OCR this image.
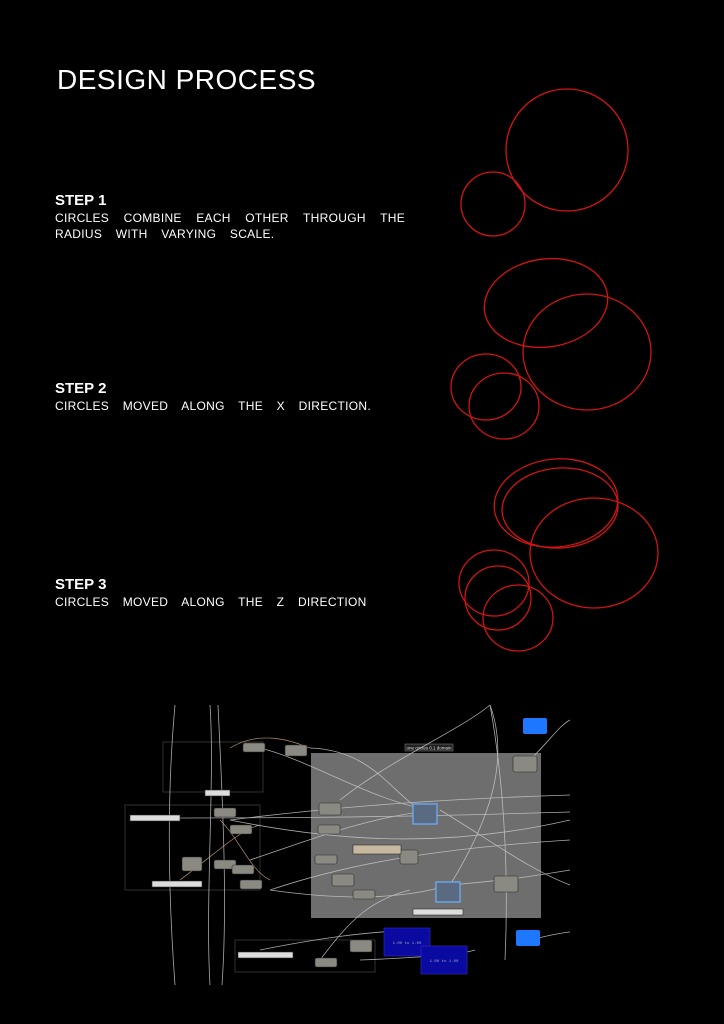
DESIGN PROCESS
STEP 1

CIRCLES COMBINE EACH OTHER THROUGH THE RADIUS WITH VARYING SCALE.

STEP 2

CIRCLES MOVED ALONG THE X DIRECTION.

STEP 3

CIRCLES MOVED ALONG THE Z DIRECTION

one circles 0.1 domain
1.00 to 1.00
1.00 to 1.00
